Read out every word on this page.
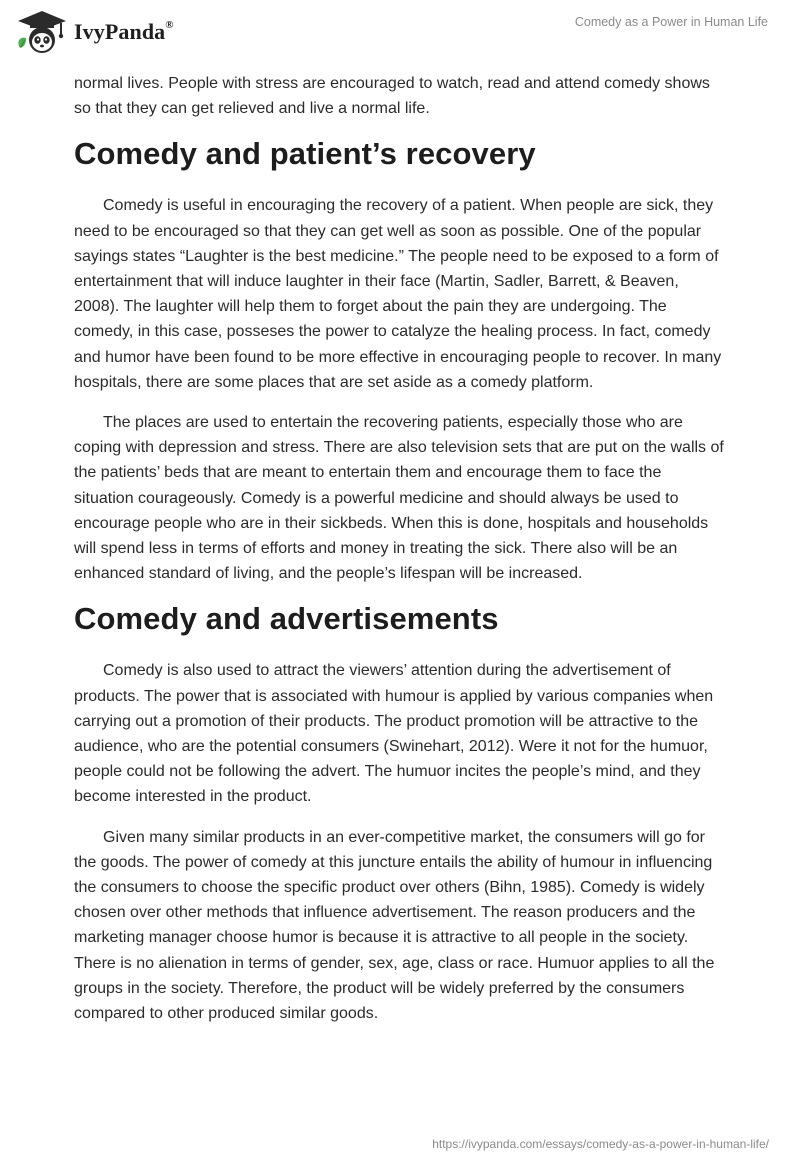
IvyPanda®	Comedy as a Power in Human Life

normal lives. People with stress are encouraged to watch, read and attend comedy shows so that they can get relieved and live a normal life.

Comedy and patient’s recovery

Comedy is useful in encouraging the recovery of a patient. When people are sick, they need to be encouraged so that they can get well as soon as possible. One of the popular sayings states “Laughter is the best medicine.” The people need to be exposed to a form of entertainment that will induce laughter in their face (Martin, Sadler, Barrett, & Beaven, 2008). The laughter will help them to forget about the pain they are undergoing. The comedy, in this case, posseses the power to catalyze the healing process. In fact, comedy and humor have been found to be more effective in encouraging people to recover. In many hospitals, there are some places that are set aside as a comedy platform.

The places are used to entertain the recovering patients, especially those who are coping with depression and stress. There are also television sets that are put on the walls of the patients’ beds that are meant to entertain them and encourage them to face the situation courageously. Comedy is a powerful medicine and should always be used to encourage people who are in their sickbeds. When this is done, hospitals and households will spend less in terms of efforts and money in treating the sick. There also will be an enhanced standard of living, and the people’s lifespan will be increased.

Comedy and advertisements

Comedy is also used to attract the viewers’ attention during the advertisement of products. The power that is associated with humour is applied by various companies when carrying out a promotion of their products. The product promotion will be attractive to the audience, who are the potential consumers (Swinehart, 2012). Were it not for the humuor, people could not be following the advert. The humuor incites the people’s mind, and they become interested in the product.

Given many similar products in an ever-competitive market, the consumers will go for the goods. The power of comedy at this juncture entails the ability of humour in influencing the consumers to choose the specific product over others (Bihn, 1985). Comedy is widely chosen over other methods that influence advertisement. The reason producers and the marketing manager choose humor is because it is attractive to all people in the society. There is no alienation in terms of gender, sex, age, class or race. Humuor applies to all the groups in the society. Therefore, the product will be widely preferred by the consumers compared to other produced similar goods.

https://ivypanda.com/essays/comedy-as-a-power-in-human-life/
